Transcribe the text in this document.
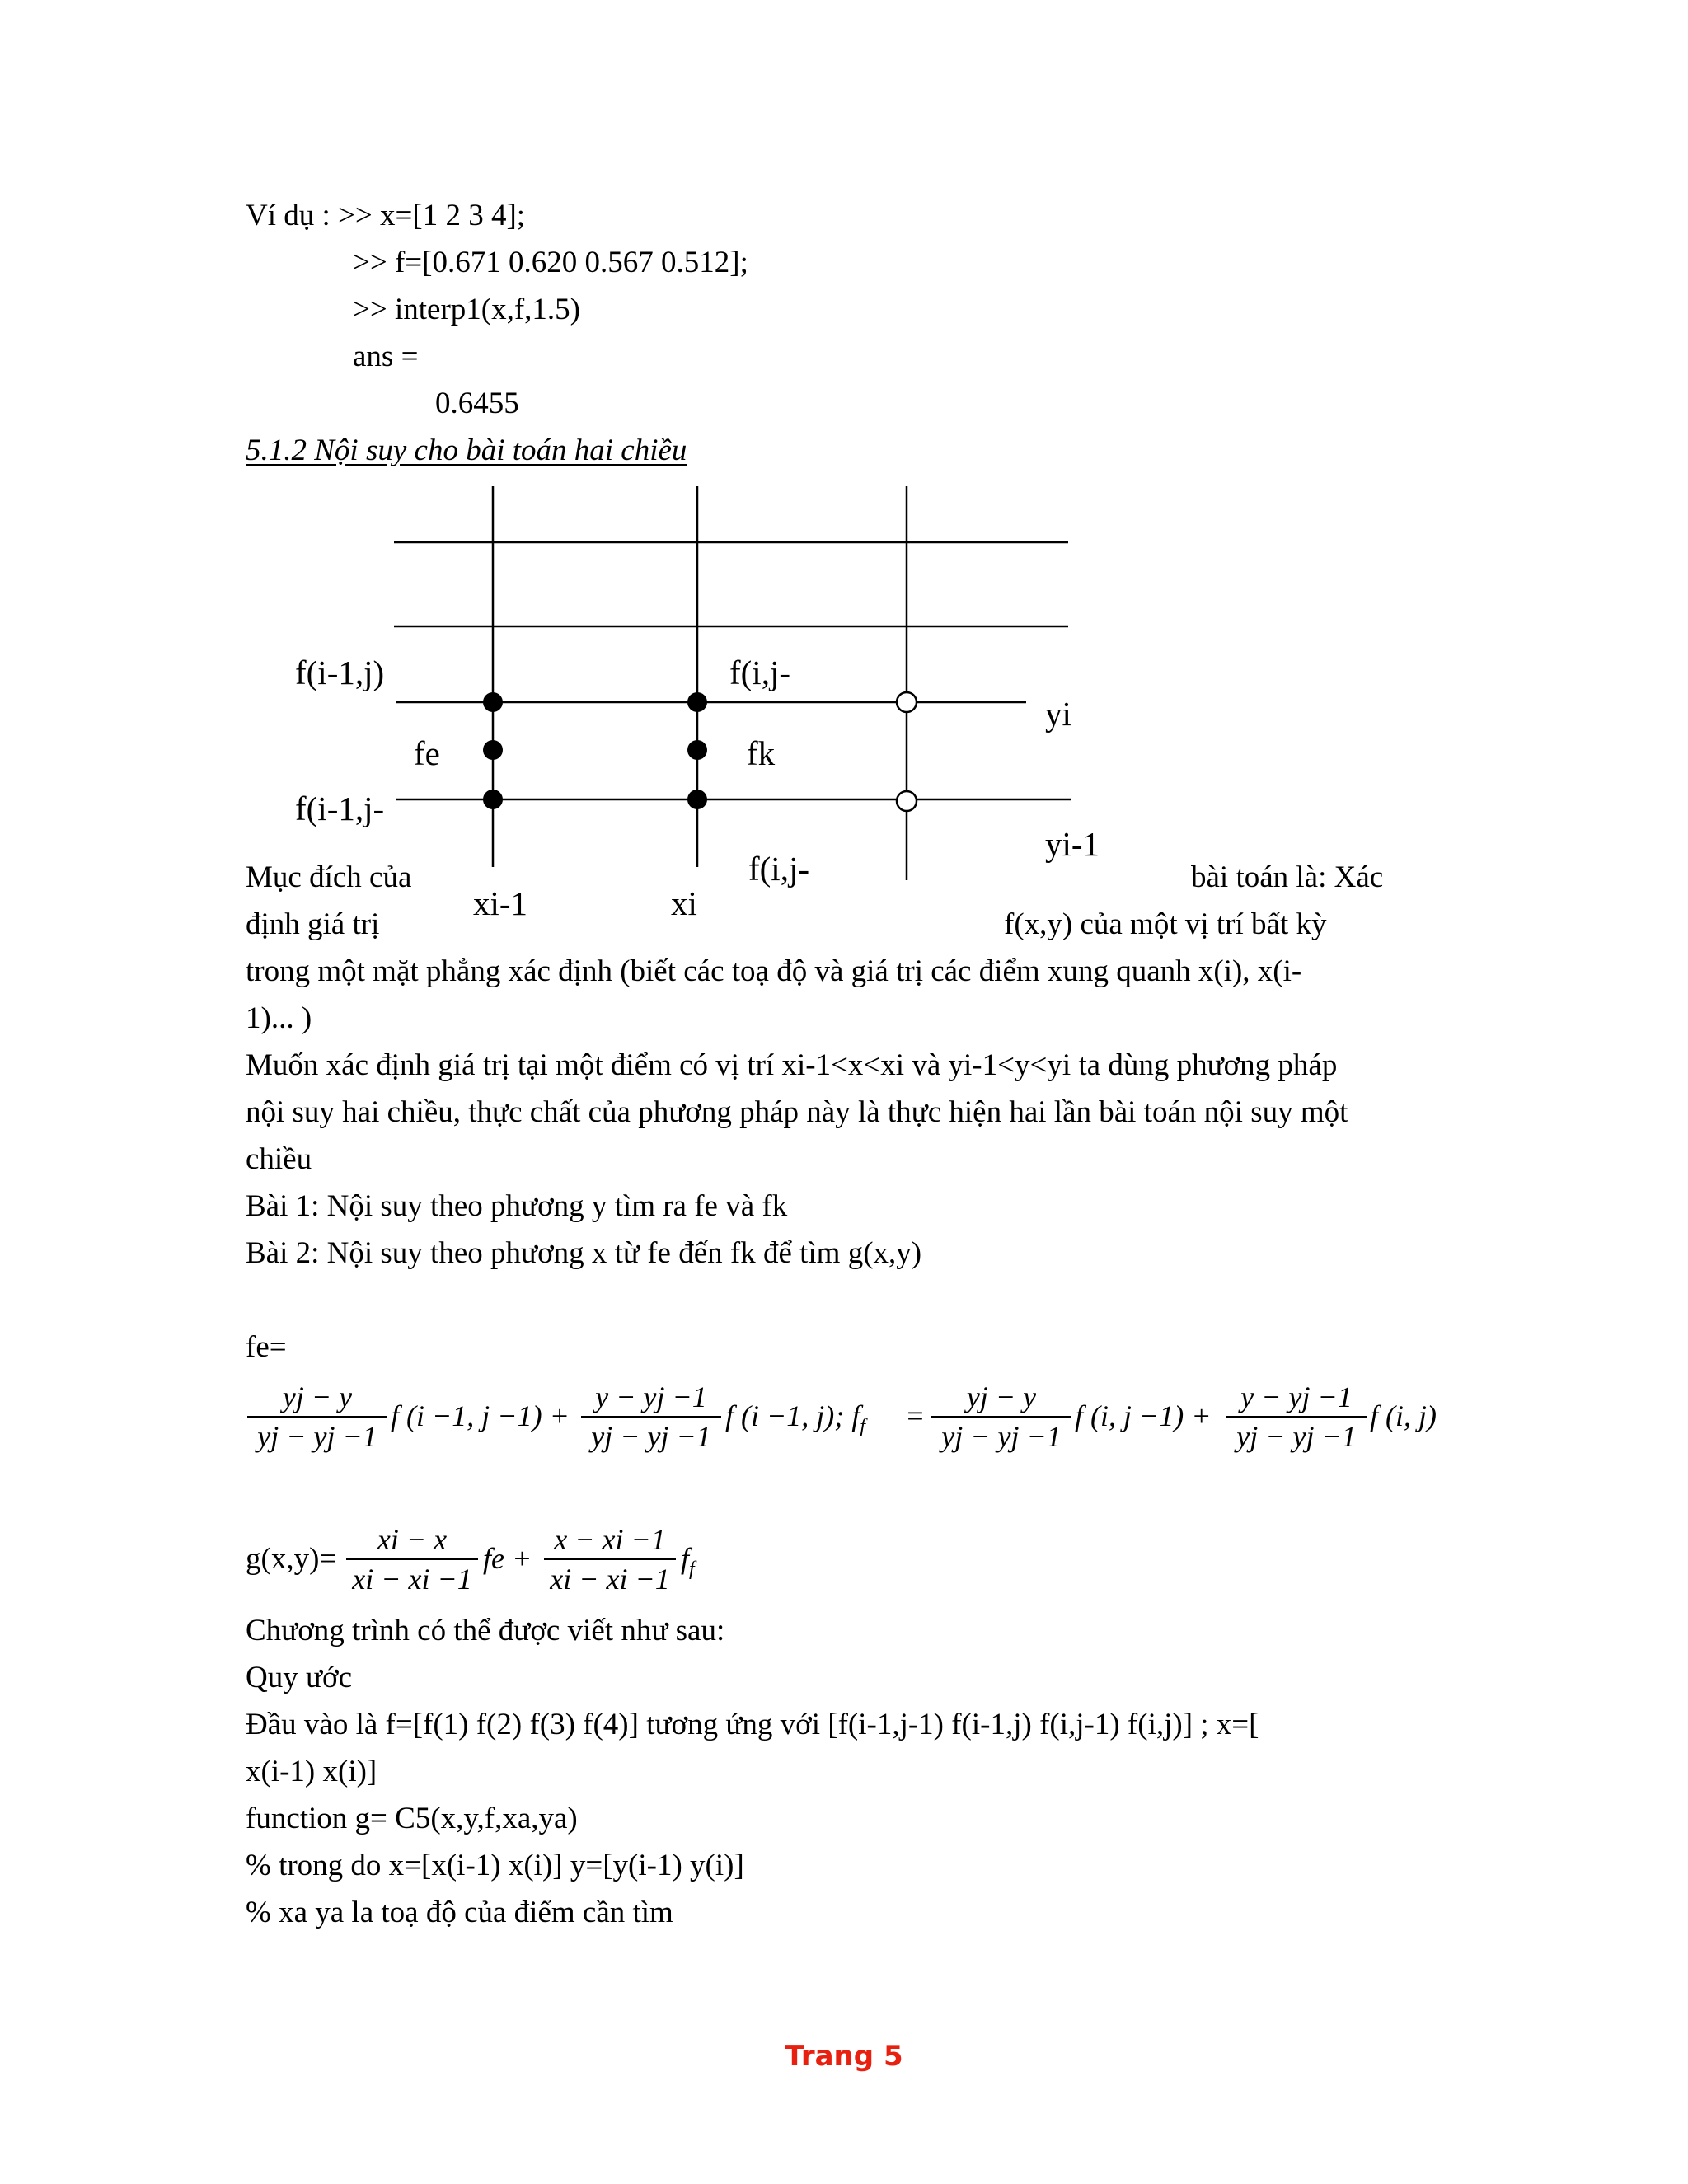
Ví dụ : >> x=[1 2 3 4];
>> f=[0.671 0.620 0.567 0.512];
>> interp1(x,f,1.5)
ans =
0.6455
5.1.2 Nội suy cho bài toán hai chiều
f(i-1,j)	f(i,j-
yi
fe	fk
f(i-1,j-
yi-1
f(i,j-
xi-1	xi
Mục đích của	bài toán là: Xác
định giá trị	f(x,y) của một vị trí bất kỳ
trong một mặt phẳng xác định (biết các toạ độ và giá trị các điểm xung quanh x(i), x(i-
1)... )
Muốn xác định giá trị tại một điểm có vị trí xi-1<x<xi và yi-1<y<yi ta dùng phương pháp
nội suy hai chiều, thực chất của phương pháp này là thực hiện hai lần bài toán nội suy một
chiều
Bài 1: Nội suy theo phương y tìm ra fe và fk
Bài 2: Nội suy theo phương x từ fe đến fk để tìm g(x,y)
fe=
$\frac{yj - y}{yj - yj -1}$ f (i −1, $j -1) + \frac{y - yj -1}{yj - yj -1}$ f (i −1, j); $f_f = \frac{yj - y}{yj - yj -1}$ f (i, $j -1) + \frac{y - yj -1}{yj - yj -1}$ f (i, j)
$g(x,y)= \frac{xi - x}{xi - xi -1}$ fe + $\frac{x - xi -1}{xi - xi -1} f_f$
Chương trình có thể được viết như sau:
Quy ước
Đầu vào là f=[f(1) f(2) f(3) f(4)] tương ứng với [f(i-1,j-1) f(i-1,j) f(i,j-1) f(i,j)] ; x=[
x(i-1) x(i)]
function g= C5(x,y,f,xa,ya)
% trong do x=[x(i-1) x(i)] y=[y(i-1) y(i)]
% xa ya la toạ độ của điểm cần tìm
Trang 5
